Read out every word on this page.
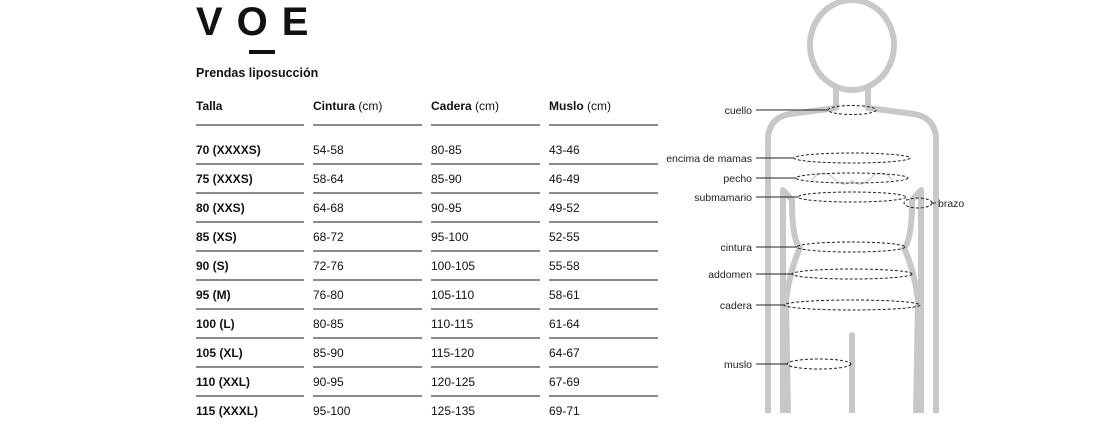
VOE
Prendas liposucción
Talla		Cintura (cm)		Cadera (cm)		Muslo (cm)

70 (XXXXS)		54-58		80-85		43-46
75 (XXXS)		58-64		85-90		46-49
80 (XXS)		64-68		90-95		49-52
85 (XS)		68-72		95-100		52-55
90 (S)		72-76		100-105		55-58
95 (M)		76-80		105-110		58-61
100 (L)		80-85		110-115		61-64
105 (XL)		85-90		115-120		64-67
110 (XXL)		90-95		120-125		67-69
115 (XXXL)		95-100		125-135		69-71
cuello
encima de mamas
pecho
submamario	brazo
cintura
addomen
cadera
muslo
